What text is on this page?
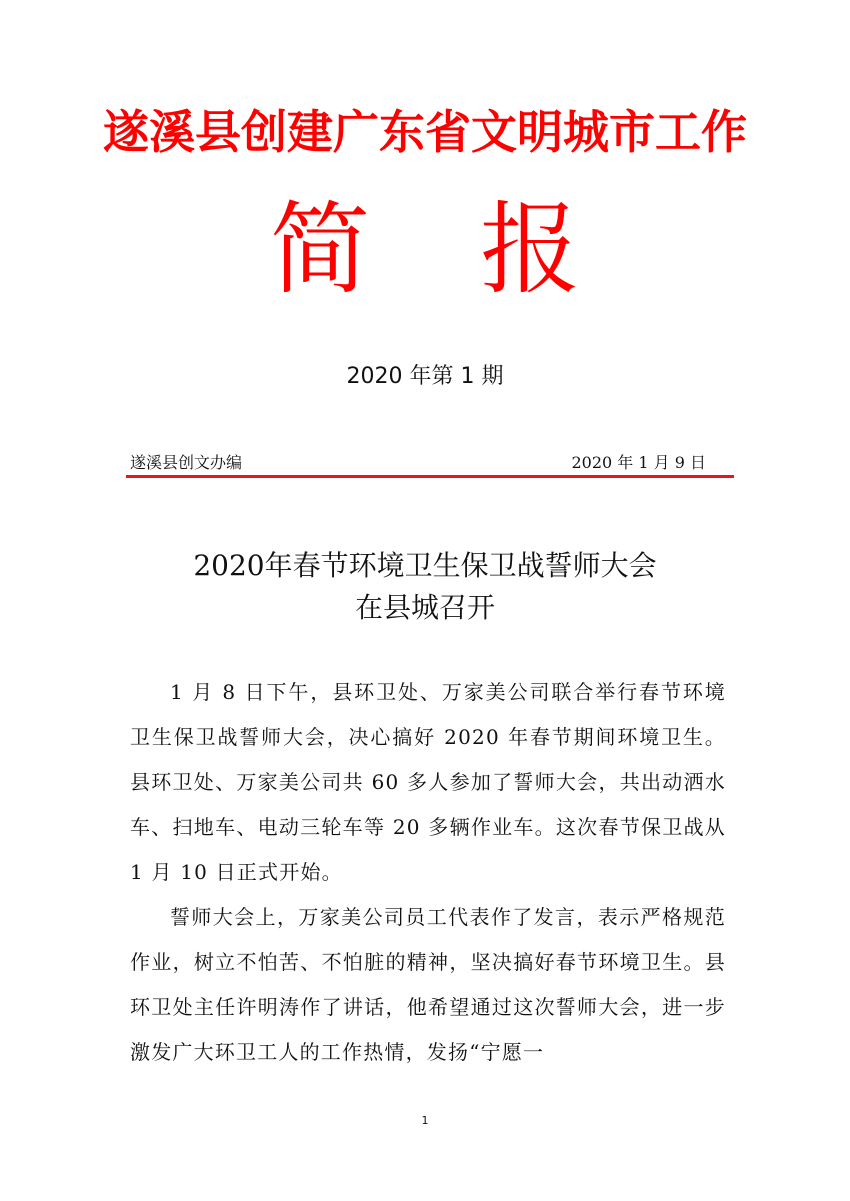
遂溪县创建广东省文明城市工作
简 报
2020 年第 1 期
遂溪县创文办编	2020 年 1 月 9 日
2020年春节环境卫生保卫战誓师大会
在县城召开

1 月 8 日下午，县环卫处、万家美公司联合举行春节环境卫生保卫战誓师大会，决心搞好 2020 年春节期间环境卫生。县环卫处、万家美公司共 60 多人参加了誓师大会，共出动洒水车、扫地车、电动三轮车等 20 多辆作业车。这次春节保卫战从 1 月 10 日正式开始。

誓师大会上，万家美公司员工代表作了发言，表示严格规范作业，树立不怕苦、不怕脏的精神，坚决搞好春节环境卫生。县环卫处主任许明涛作了讲话，他希望通过这次誓师大会，进一步激发广大环卫工人的工作热情，发扬“宁愿一

1
